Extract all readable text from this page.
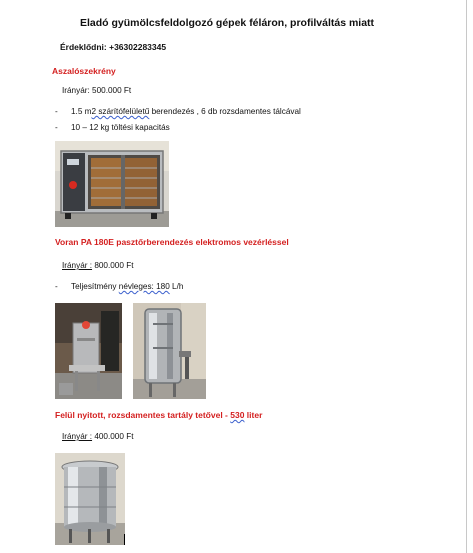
Eladó gyümölcsfeldolgozó gépek féláron, profilváltás miatt
Érdeklődni: +36302283345
Aszalószekrény
Irányár: 500.000 Ft
- 1.5 m2 szárítófelületű berendezés , 6 db rozsdamentes tálcával
- 10 – 12 kg töltési kapacitás
Voran PA 180E pasztőrberendezés elektromos vezérléssel
Irányár : 800.000 Ft
- Teljesítmény névleges: 180 L/h
Felül nyitott, rozsdamentes tartály tetővel - 530 liter
Irányár : 400.000 Ft
